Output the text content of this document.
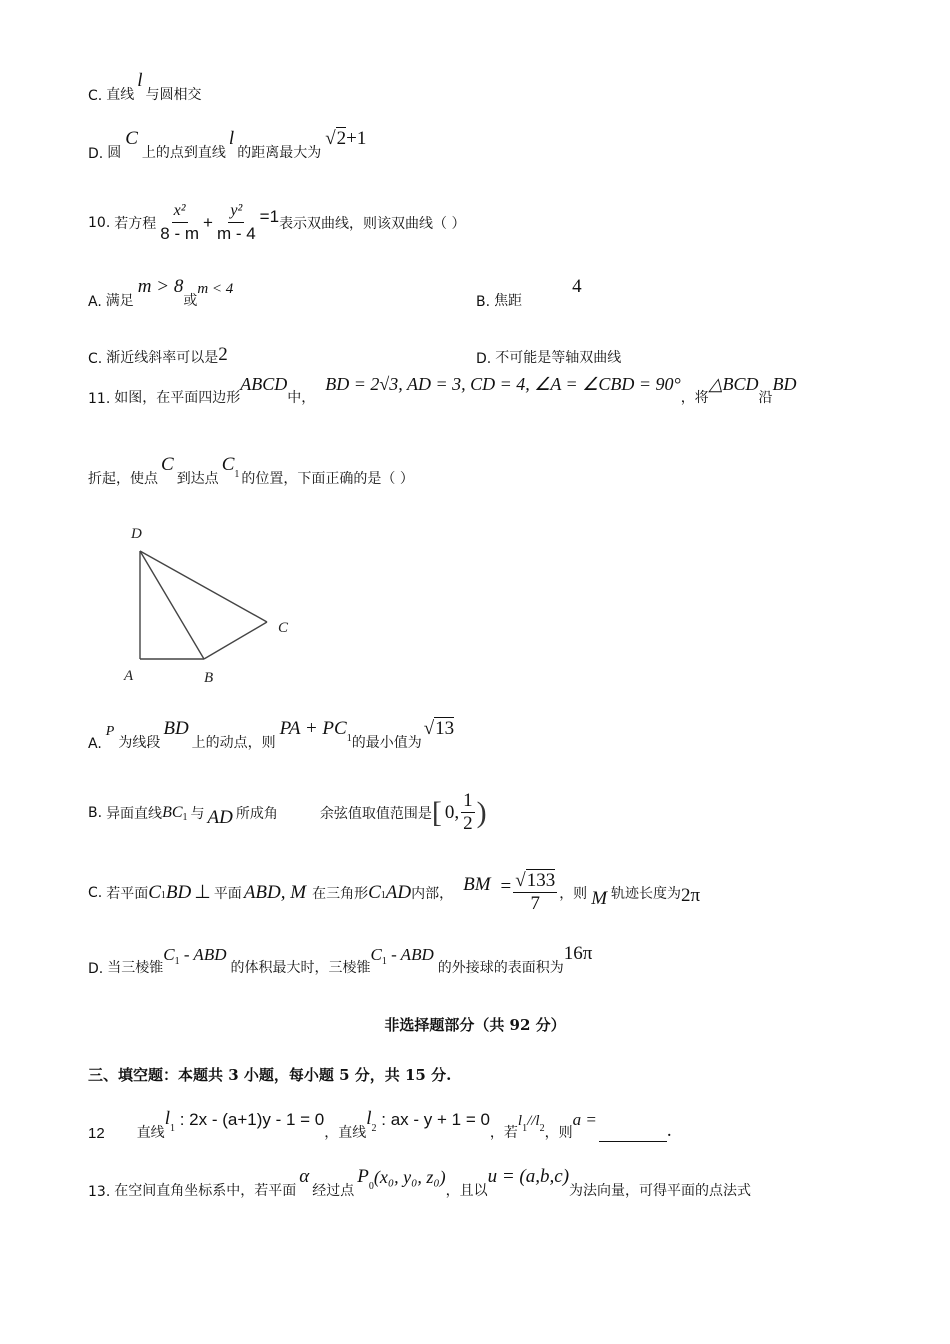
C. 直线
l
与圆相交
D. 圆
C
上的点到直线
l
的距离最大为
√2 +1
10. 若方程 $\frac{\text{x²}}{8 - m} + \frac{\text{y²}}{m - 4} =1$ 表示双曲线，则该双曲线（ ）
A. 满足
m > 8
或
m < 4
B. 焦距
4
C. 渐近线斜率可以是 2	D. 不可能是等轴双曲线
11. 如图，在平面四边形
ABCD
中，
BD = 2√3, AD = 3, CD = 4, ∠A = ∠CBD = 90°
，将
△BCD
沿
BD
折起，使点
C
到达点
C 1 的位置，下面正确的是（ ）
D
A	B
C
A.
P
为线段
BD
上的动点，则
PA + PC 1 的最小值为
√13
B. 异面直线 BC 1 与 AD 所成角	余弦值取值范围是 [ 0, $\frac{1}{2}$ )
C. 若平面 C 1 BD ⊥ 平面 ABD, M 在三角形 C 1 AD 内部， BM = $\frac{√133}{7}$ ，则 M 轨迹长度为 2π
D. 当三棱锥
C 1 - ABD
的体积最大时，三棱锥
C 1 - ABD
的外接球的表面积为
16π
非选择题部分（共 92 分）
三、填空题：本题共 3 小题，每小题 5 分，共 15 分.
12 直线
l 1 : 2x - (a+1)y - 1 = 0
，直线
l 2 : ax - y + 1 = 0
，若
l 1 //l 2 ，则
a =
.
13. 在空间直角坐标系中，若平面
α
经过点
P 0 (x₀, y₀, z₀)
，且以
u = (a,b,c)
为法向量，可得平面的点法式
